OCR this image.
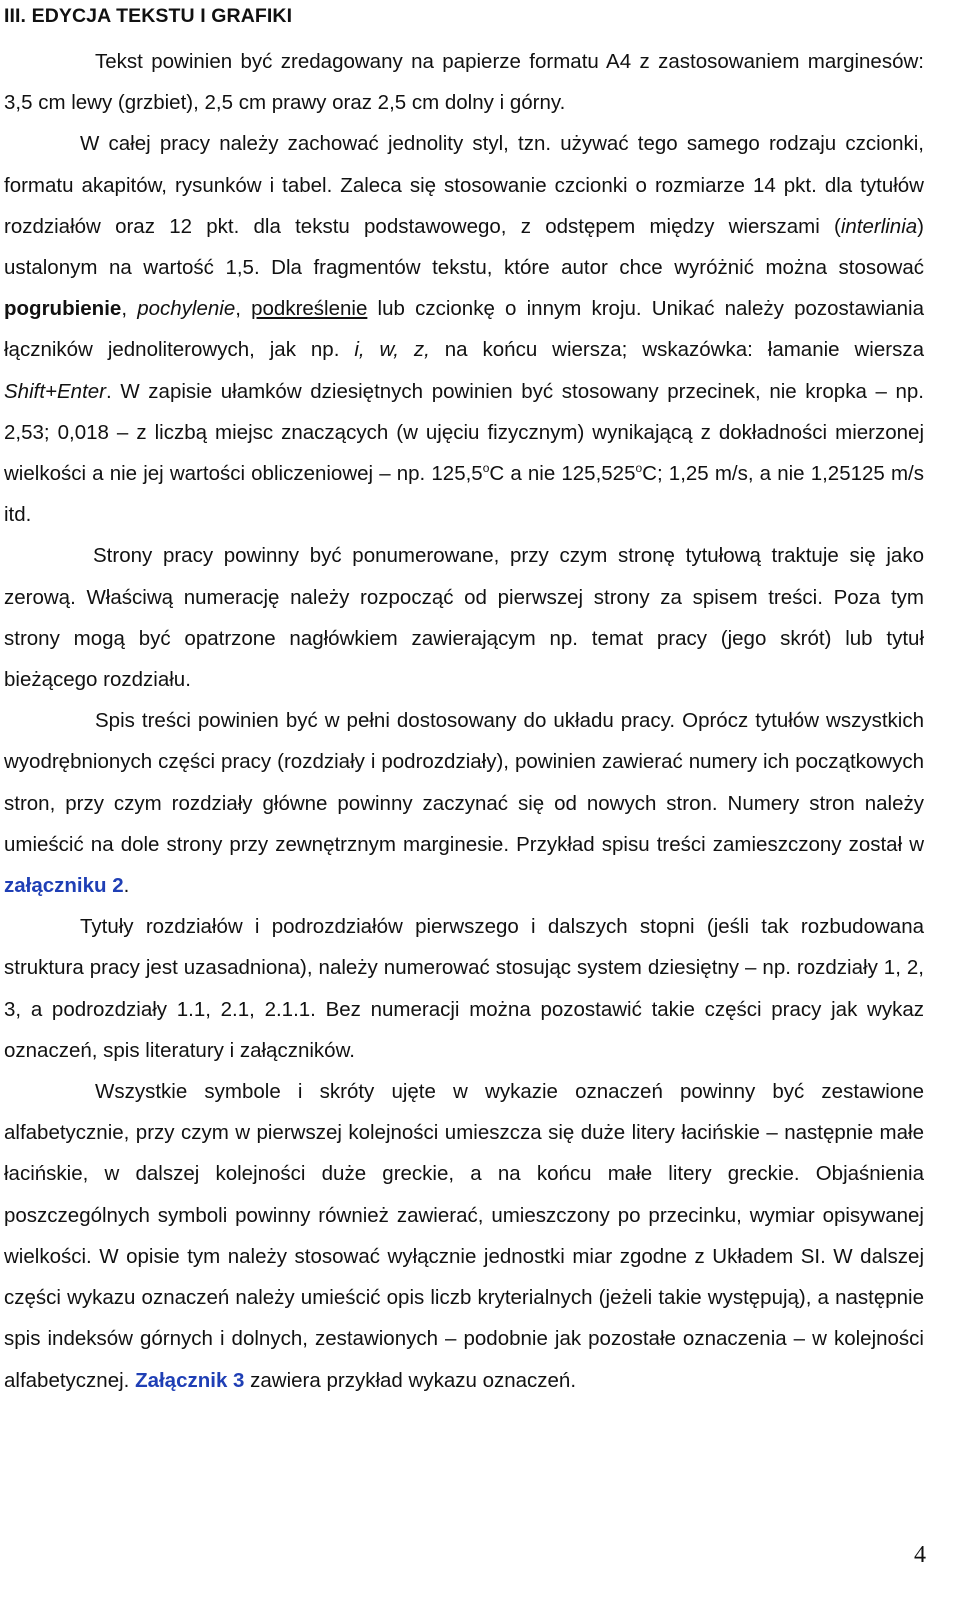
III. EDYCJA TEKSTU I GRAFIKI

Tekst powinien być zredagowany na papierze formatu A4 z zastosowaniem marginesów: 3,5 cm lewy (grzbiet), 2,5 cm prawy oraz 2,5 cm dolny i górny.

W całej pracy należy zachować jednolity styl, tzn. używać tego samego rodzaju czcionki, formatu akapitów, rysunków i tabel. Zaleca się stosowanie czcionki o rozmiarze 14 pkt. dla tytułów rozdziałów oraz 12 pkt. dla tekstu podstawowego, z odstępem między wierszami (interlinia) ustalonym na wartość 1,5. Dla fragmentów tekstu, które autor chce wyróżnić można stosować pogrubienie, pochylenie, podkreślenie lub czcionkę o innym kroju. Unikać należy pozostawiania łączników jednoliterowych, jak np. i, w, z, na końcu wiersza; wskazówka: łamanie wiersza Shift+Enter. W zapisie ułamków dziesiętnych powinien być stosowany przecinek, nie kropka – np. 2,53; 0,018 – z liczbą miejsc znaczących (w ujęciu fizycznym) wynikającą z dokładności mierzonej wielkości a nie jej wartości obliczeniowej – np. 125,5$^o$C a nie 125,525$^o$C; 1,25 m/s, a nie 1,25125 m/s itd.

Strony pracy powinny być ponumerowane, przy czym stronę tytułową traktuje się jako zerową. Właściwą numerację należy rozpocząć od pierwszej strony za spisem treści. Poza tym strony mogą być opatrzone nagłówkiem zawierającym np. temat pracy (jego skrót) lub tytuł bieżącego rozdziału.

Spis treści powinien być w pełni dostosowany do układu pracy. Oprócz tytułów wszystkich wyodrębnionych części pracy (rozdziały i podrozdziały), powinien zawierać numery ich początkowych stron, przy czym rozdziały główne powinny zaczynać się od nowych stron. Numery stron należy umieścić na dole strony przy zewnętrznym marginesie. Przykład spisu treści zamieszczony został w załączniku 2.

Tytuły rozdziałów i podrozdziałów pierwszego i dalszych stopni (jeśli tak rozbudowana struktura pracy jest uzasadniona), należy numerować stosując system dziesiętny – np. rozdziały 1, 2, 3, a podrozdziały 1.1, 2.1, 2.1.1. Bez numeracji można pozostawić takie części pracy jak wykaz oznaczeń, spis literatury i załączników.

Wszystkie symbole i skróty ujęte w wykazie oznaczeń powinny być zestawione alfabetycznie, przy czym w pierwszej kolejności umieszcza się duże litery łacińskie – następnie małe łacińskie, w dalszej kolejności duże greckie, a na końcu małe litery greckie. Objaśnienia poszczególnych symboli powinny również zawierać, umieszczony po przecinku, wymiar opisywanej wielkości. W opisie tym należy stosować wyłącznie jednostki miar zgodne z Układem SI. W dalszej części wykazu oznaczeń należy umieścić opis liczb kryterialnych (jeżeli takie występują), a następnie spis indeksów górnych i dolnych, zestawionych – podobnie jak pozostałe oznaczenia – w kolejności alfabetycznej. Załącznik 3 zawiera przykład wykazu oznaczeń.

4
